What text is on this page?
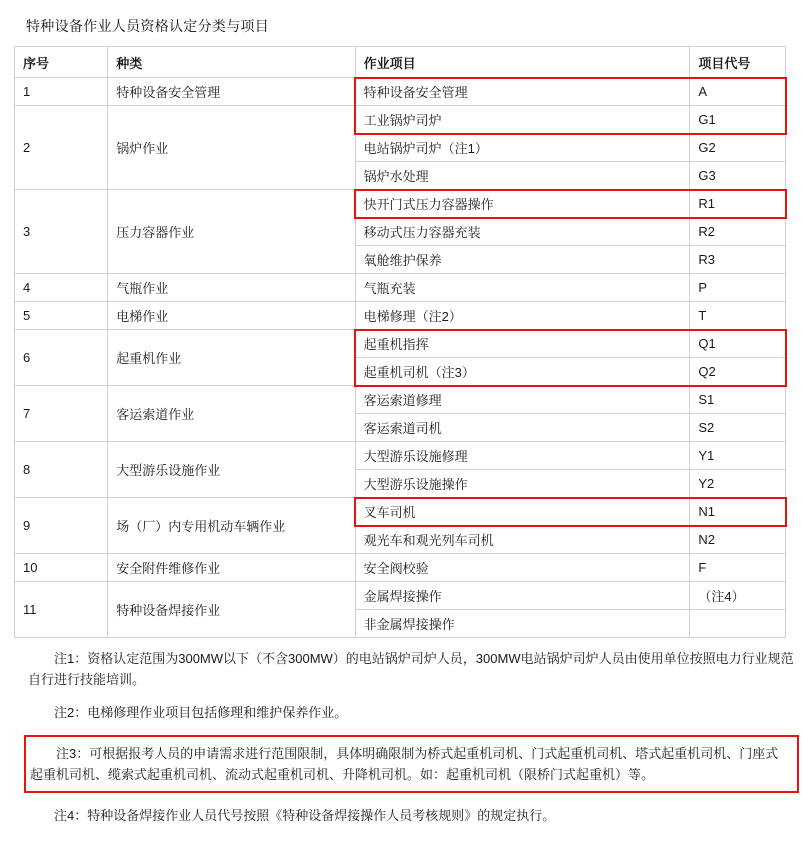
特种设备作业人员资格认定分类与项目
序号	种类	作业项目	项目代号
1	特种设备安全管理	特种设备安全管理	A
2	锅炉作业	工业锅炉司炉	G1
		电站锅炉司炉（注1）	G2
		锅炉水处理	G3
3	压力容器作业	快开门式压力容器操作	R1
		移动式压力容器充装	R2
		氧舱维护保养	R3
4	气瓶作业	气瓶充装	P
5	电梯作业	电梯修理（注2）	T
6	起重机作业	起重机指挥	Q1
		起重机司机（注3）	Q2
7	客运索道作业	客运索道修理	S1
		客运索道司机	S2
8	大型游乐设施作业	大型游乐设施修理	Y1
		大型游乐设施操作	Y2
9	场（厂）内专用机动车辆作业	叉车司机	N1
		观光车和观光列车司机	N2
10	安全附件维修作业	安全阀校验	F
11	特种设备焊接作业	金属焊接操作	（注4）
		非金属焊接操作	
注1：资格认定范围为300MW以下（不含300MW）的电站锅炉司炉人员，300MW电站锅炉司炉人员由使用单位按照电力行业规范自行进行技能培训。
注2：电梯修理作业项目包括修理和维护保养作业。
注3：可根据报考人员的申请需求进行范围限制，具体明确限制为桥式起重机司机、门式起重机司机、塔式起重机司机、门座式起重机司机、缆索式起重机司机、流动式起重机司机、升降机司机。如：起重机司机（限桥门式起重机）等。
注4：特种设备焊接作业人员代号按照《特种设备焊接操作人员考核规则》的规定执行。
